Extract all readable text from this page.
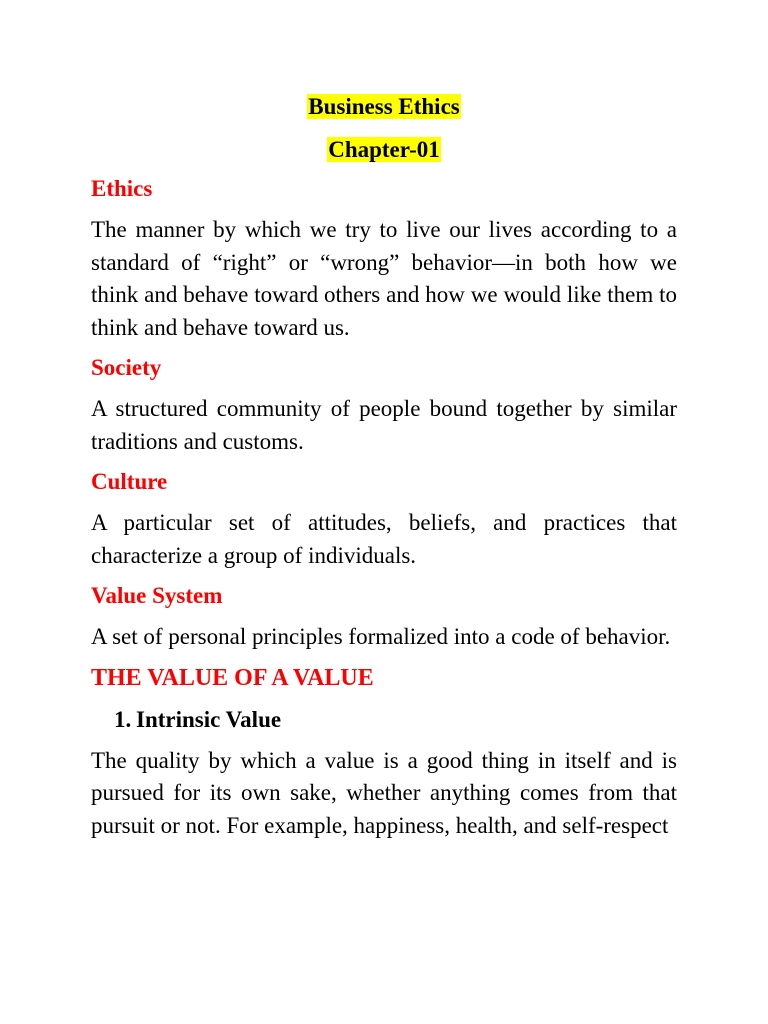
Business Ethics
Chapter-01
Ethics
The manner by which we try to live our lives according to a standard of “right” or “wrong” behavior—in both how we think and behave toward others and how we would like them to think and behave toward us.
Society
A structured community of people bound together by similar traditions and customs.
Culture
A particular set of attitudes, beliefs, and practices that characterize a group of individuals.
Value System
A set of personal principles formalized into a code of behavior.
THE VALUE OF A VALUE
1. Intrinsic Value
The quality by which a value is a good thing in itself and is pursued for its own sake, whether anything comes from that pursuit or not. For example, happiness, health, and self-respect
